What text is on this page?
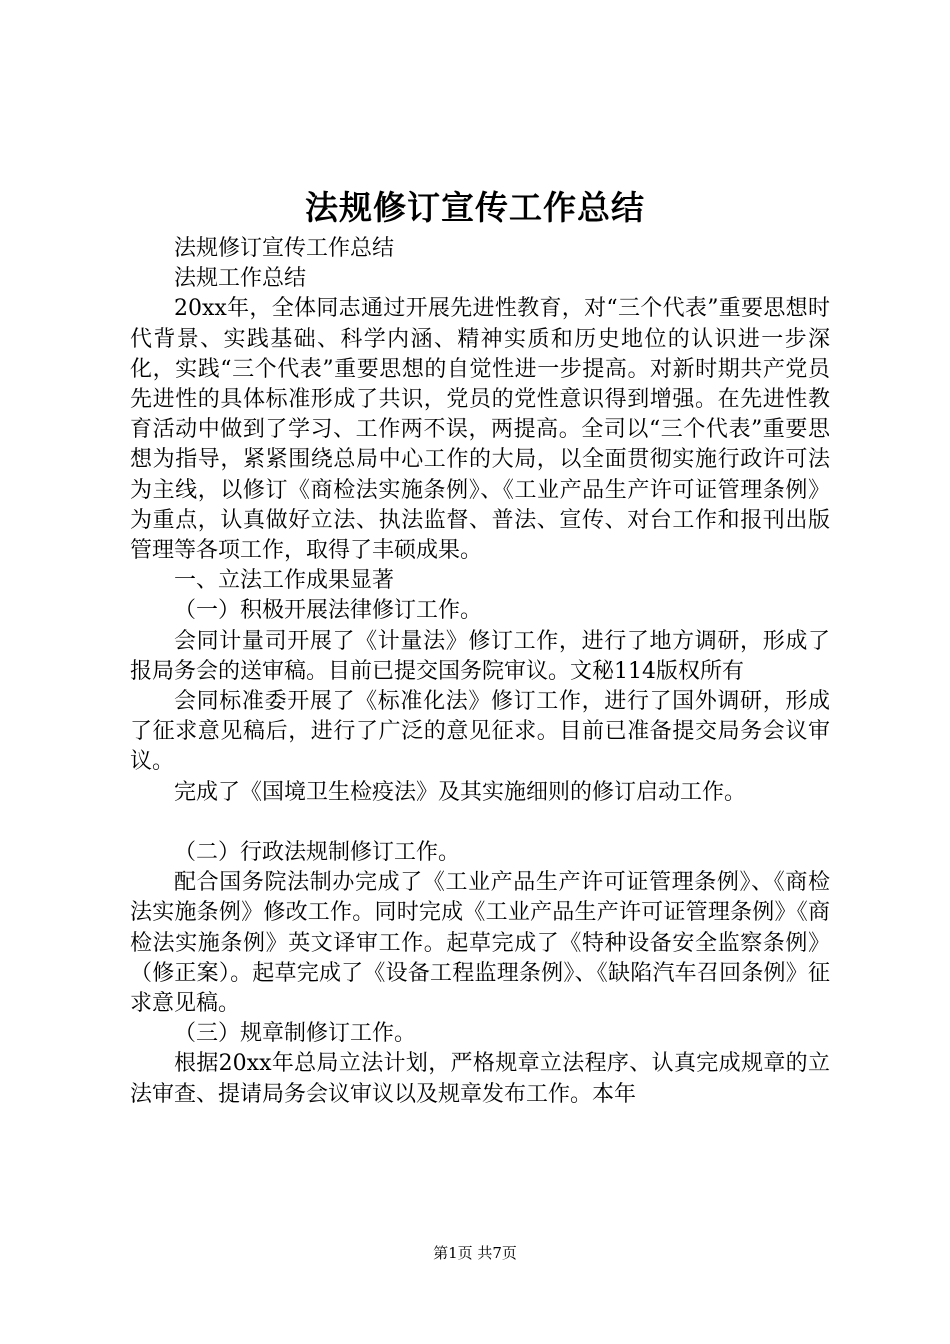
法规修订宣传工作总结

法规修订宣传工作总结

法规工作总结

20xx年，全体同志通过开展先进性教育，对“三个代表”重要思想时代背景、实践基础、科学内涵、精神实质和历史地位的认识进一步深化，实践“三个代表”重要思想的自觉性进一步提高。对新时期共产党员先进性的具体标准形成了共识，党员的党性意识得到增强。在先进性教育活动中做到了学习、工作两不误，两提高。全司以“三个代表”重要思想为指导，紧紧围绕总局中心工作的大局，以全面贯彻实施行政许可法为主线，以修订《商检法实施条例》、《工业产品生产许可证管理条例》为重点，认真做好立法、执法监督、普法、宣传、对台工作和报刊出版管理等各项工作，取得了丰硕成果。

一、立法工作成果显著

（一）积极开展法律修订工作。

会同计量司开展了《计量法》修订工作，进行了地方调研，形成了报局务会的送审稿。目前已提交国务院审议。文秘114版权所有

会同标准委开展了《标准化法》修订工作，进行了国外调研，形成了征求意见稿后，进行了广泛的意见征求。目前已准备提交局务会议审议。

完成了《国境卫生检疫法》及其实施细则的修订启动工作。

（二）行政法规制修订工作。

配合国务院法制办完成了《工业产品生产许可证管理条例》、《商检法实施条例》修改工作。同时完成《工业产品生产许可证管理条例》《商检法实施条例》英文译审工作。起草完成了《特种设备安全监察条例》（修正案）。起草完成了《设备工程监理条例》、《缺陷汽车召回条例》征求意见稿。

（三）规章制修订工作。

根据20xx年总局立法计划，严格规章立法程序、认真完成规章的立法审查、提请局务会议审议以及规章发布工作。本年

第1页 共7页
